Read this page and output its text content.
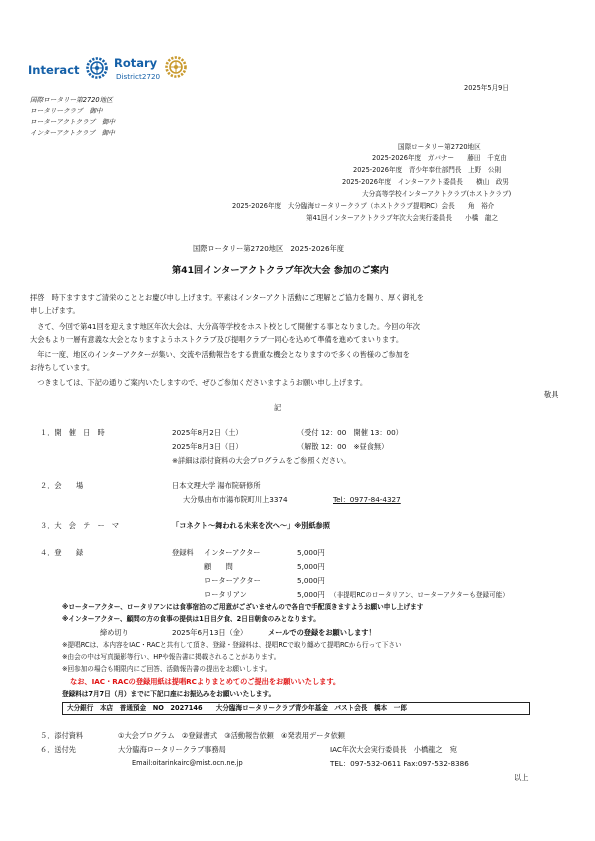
Interact	Rotary
District2720
2025年5月9日
国際ロータリー第2720地区
ロータリークラブ　御中
ローターアクトクラブ　御中
インターアクトクラブ　御中
国際ロータリー第2720地区
2025-2026年度　ガバナー　　藤田　千克由
2025-2026年度　青少年奉仕部門長　上野　公則
2025-2026年度　インターアクト委員長　　横山　政男
大分高等学校インターアクトクラブ(ホストクラブ)
2025-2026年度　大分臨海ロータリークラブ（ホストクラブ提唱RC）会長　　角　裕介
第41回インターアクトクラブ年次大会実行委員長　　小橋　龍之
国際ロータリー第2720地区　2025-2026年度
第41回インターアクトクラブ年次大会 参加のご案内
拝啓　時下ますますご清栄のこととお慶び申し上げます。平素はインターアクト活動にご理解とご協力を賜り、厚く御礼を
申し上げます。
　さて、今回で第41回を迎えます地区年次大会は、大分高等学校をホスト校として開催する事となりました。今回の年次
大会もより一層有意義な大会となりますようホストクラブ及び提唱クラブ一同心を込めて準備を進めてまいります。
　年に一度、地区のインターアクターが集い、交流や活動報告をする貴重な機会となりますので多くの皆様のご参加を
お待ちしています。
　つきましては、下記の通りご案内いたしますので、ぜひご参加くださいますようお願い申し上げます。
敬具
記
１．開　催　日　時	2025年8月2日（土）	（受付 12：00　開催 13：00）
2025年8月3日（日）	（解散 12：00　※昼食無）
※詳細は添付資料の大会プログラムをご参照ください。
２．会　　場	日本文理大学 湯布院研修所
大分県由布市湯布院町川上3374	Tel：0977-84-4327
３．大　会　テ　ー　マ	「コネクト～舞われる未来を次へ～」※別紙参照
４．登　　録	登録料 インターアクター	5,000円
顧　　問	5,000円
ローターアクター	5,000円
ロータリアン	5,000円 （非提唱RCのロータリアン、ローターアクターも登録可能）
※ローターアクター、ロータリアンには食事宿泊のご用意がございませんので各自で手配頂きますようお願い申し上げます
※インターアクター、顧問の方の食事の提供は1日目夕食、2日目朝食のみとなります。
締め切り	2025年6月13日（金）	メールでの登録をお願いします！
※提唱RCは、本内容をIAC・RACと共有して頂き、登録・登録料は、提唱RCで取り纏めて提唱RCから行って下さい
※由会の中は写真撮影等行い、HPや報告書に掲載されることがあります。
※回参加の場合も期限内にご回答、活動報告書の提出をお願いします。
なお、IAC・RACの登録用紙は提唱RCよりまとめてのご提出をお願いいたします。
登録料は7月7日（月）までに下記口座にお振込みをお願いいたします。
大分銀行　本店　普通預金　NO　2027146　　大分臨海ロータリークラブ青少年基金　パスト会長　橋本　一郎
５．添付資料	①大会プログラム　②登録書式　③活動報告依頼　④発表用データ依頼
６．送付先	大分臨海ロータリークラブ事務局	IAC年次大会実行委員長　小橋龍之　宛
Email:oitarinkairc@mist.ocn.ne.jp	TEL：097-532-0611 Fax:097-532-8386
以上
